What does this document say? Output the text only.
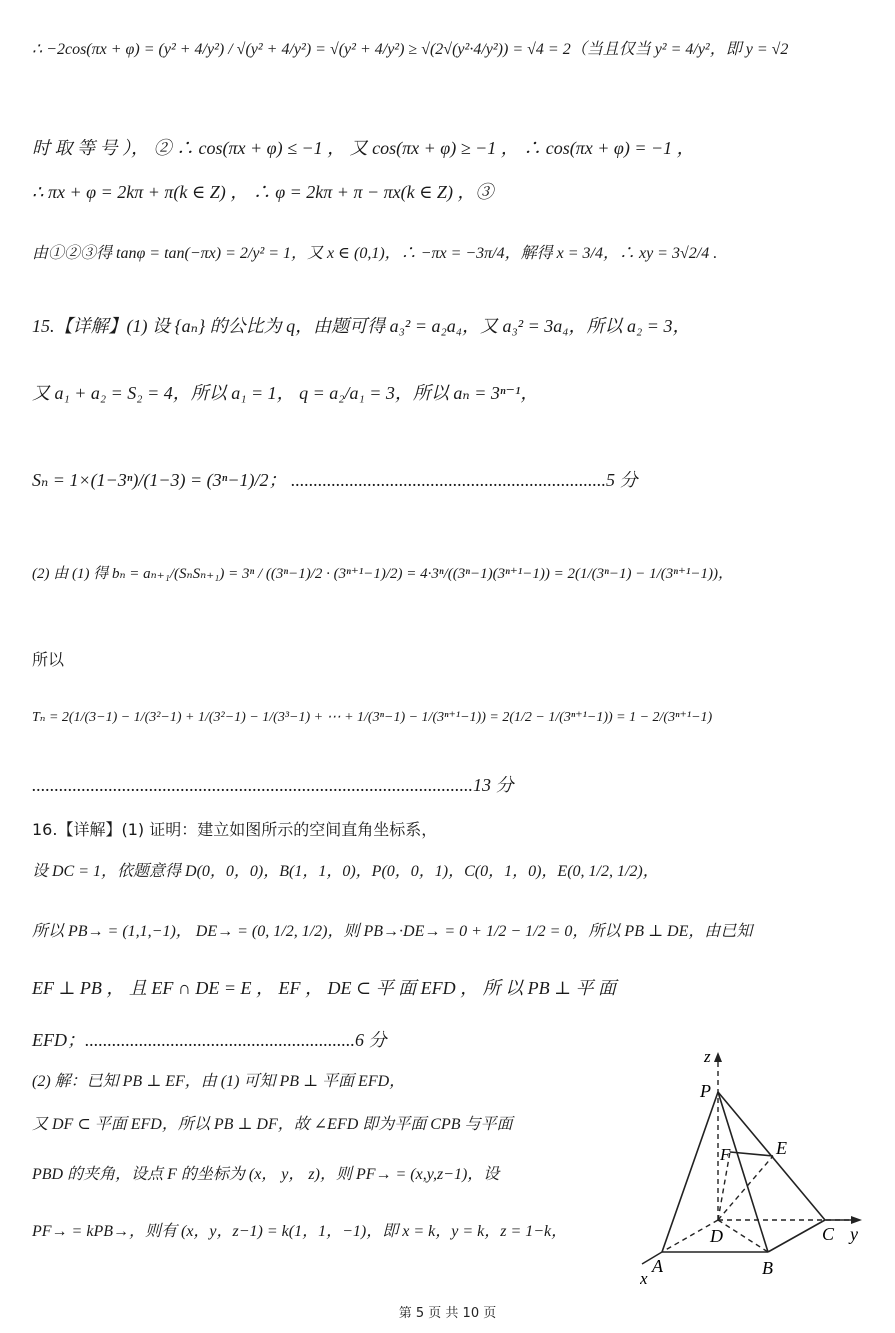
∴ −2cos(πx + φ) = (y² + 4/y²) / √(y² + 4/y²) = √(y² + 4/y²) ≥ √(2√(y²·4/y²)) = √4 = 2（当且仅当 y² = 4/y²，即 y = √2
时 取 等 号 ）， ② ∴ cos(πx + φ) ≤ −1 ， 又 cos(πx + φ) ≥ −1 ， ∴ cos(πx + φ) = −1 ，
∴ πx + φ = 2kπ + π(k ∈ Z) ， ∴ φ = 2kπ + π − πx(k ∈ Z) ，③
由①②③得 tanφ = tan(−πx) = 2/y² = 1，又 x ∈ (0,1)，∴ −πx = −3π/4，解得 x = 3/4，∴ xy = 3√2/4 .
15.【详解】(1) 设 {aₙ} 的公比为 q，由题可得 a₃² = a₂a₄，又 a₃² = 3a₄，所以 a₂ = 3，
又 a₁ + a₂ = S₂ = 4，所以 a₁ = 1， q = a₂/a₁ = 3，所以 aₙ = 3ⁿ⁻¹，
Sₙ = 1×(1−3ⁿ)/(1−3) = (3ⁿ−1)/2； ......................................................................5 分
(2) 由 (1) 得 bₙ = aₙ₊₁/(SₙSₙ₊₁) = 3ⁿ / ((3ⁿ−1)/2 · (3ⁿ⁺¹−1)/2) = 4·3ⁿ/((3ⁿ−1)(3ⁿ⁺¹−1)) = 2(1/(3ⁿ−1) − 1/(3ⁿ⁺¹−1))，
所以
Tₙ = 2(1/(3−1) − 1/(3²−1) + 1/(3²−1) − 1/(3³−1) + ⋯ + 1/(3ⁿ−1) − 1/(3ⁿ⁺¹−1)) = 2(1/2 − 1/(3ⁿ⁺¹−1)) = 1 − 2/(3ⁿ⁺¹−1)
..................................................................................................13 分
16.【详解】(1) 证明：建立如图所示的空间直角坐标系，
设 DC = 1，依题意得 D(0，0，0)，B(1，1，0)，P(0，0，1)，C(0，1，0)，E(0, 1/2, 1/2)，
所以 PB→ = (1,1,−1)， DE→ = (0, 1/2, 1/2)，则 PB→·DE→ = 0 + 1/2 − 1/2 = 0，所以 PB ⊥ DE，由已知
EF ⊥ PB ， 且 EF ∩ DE = E ， EF ， DE ⊂ 平 面 EFD ， 所 以 PB ⊥ 平 面
EFD；............................................................6 分
(2) 解：已知 PB ⊥ EF，由 (1) 可知 PB ⊥ 平面 EFD，
又 DF ⊂ 平面 EFD，所以 PB ⊥ DF，故 ∠EFD 即为平面 CPB 与平面
PBD 的夹角，设点 F 的坐标为 (x， y， z)，则 PF→ = (x,y,z−1)，设
PF→ = kPB→，则有 (x，y，z−1) = k(1，1，−1)，即 x = k，y = k，z = 1−k，
z
P
E
F
D	C y
A	B
x
第 5 页 共 10 页
